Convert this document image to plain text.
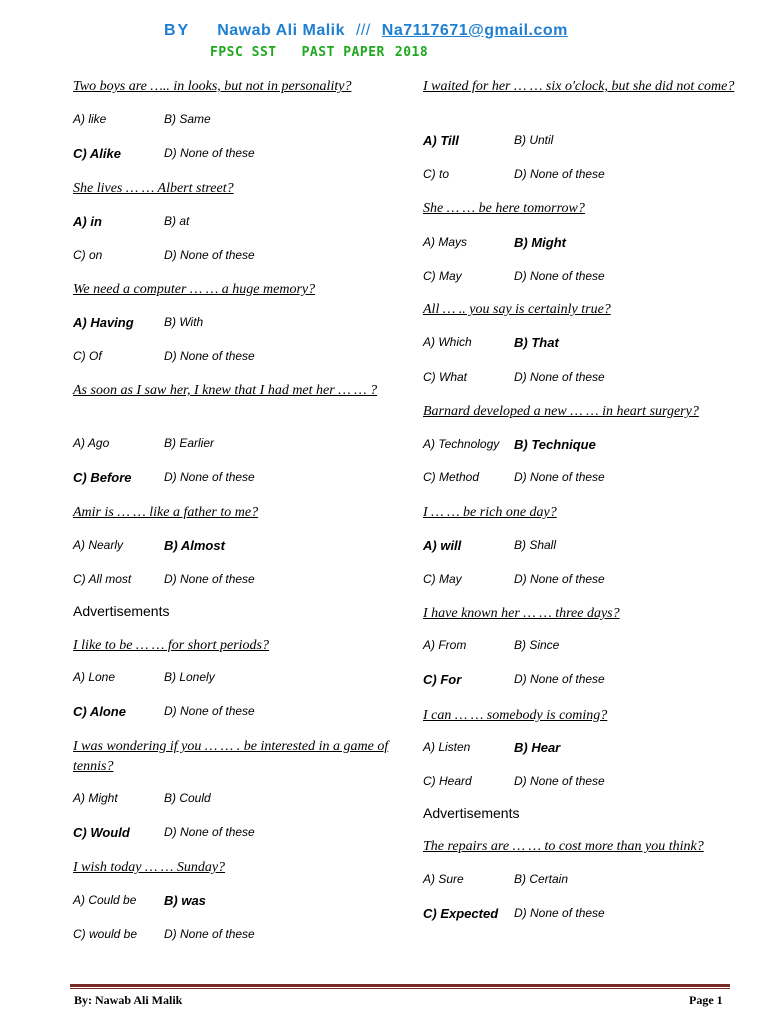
BY Nawab Ali Malik /// Na7117671@gmail.com
FPSC SST   PAST PAPER 2018
Two boys are ….. in looks, but not in personality?
A) like	B) Same
C) Alike	D) None of these
She lives … … Albert street?
A) in	B) at
C) on	D) None of these
We need a computer … … a huge memory?
A) Having	B) With
C) Of	D) None of these
As soon as I saw her, I knew that I had met her … … ?
A) Ago	B) Earlier
C) Before	D) None of these
Amir is … … like a father to me?
A) Nearly	B) Almost
C) All most	D) None of these
Advertisements
I like to be … … for short periods?
A) Lone	B) Lonely
C) Alone	D) None of these
I was wondering if you … … . be interested in a game of tennis?
A) Might	B) Could
C) Would	D) None of these
I wish today … … Sunday?
A) Could be B) was
C) would be D) None of these
I waited for her … … six o'clock, but she did not come?
A) Till	B) Until
C) to	D) None of these
She … … be here tomorrow?
A) Mays	B) Might
C) May	D) None of these
All … .. you say is certainly true?
A) Which	B) That
C) What	D) None of these
Barnard developed a new … … in heart surgery?
A) Technology B) Technique
C) Method	D) None of these
I … … be rich one day?
A) will	B) Shall
C) May	D) None of these
I have known her … … three days?
A) From	B) Since
C) For	D) None of these
I can … … somebody is coming?
A) Listen	B) Hear
C) Heard	D) None of these
Advertisements
The repairs are … … to cost more than you think?
A) Sure	B) Certain
C) Expected D) None of these
By: Nawab Ali Malik	Page 1
